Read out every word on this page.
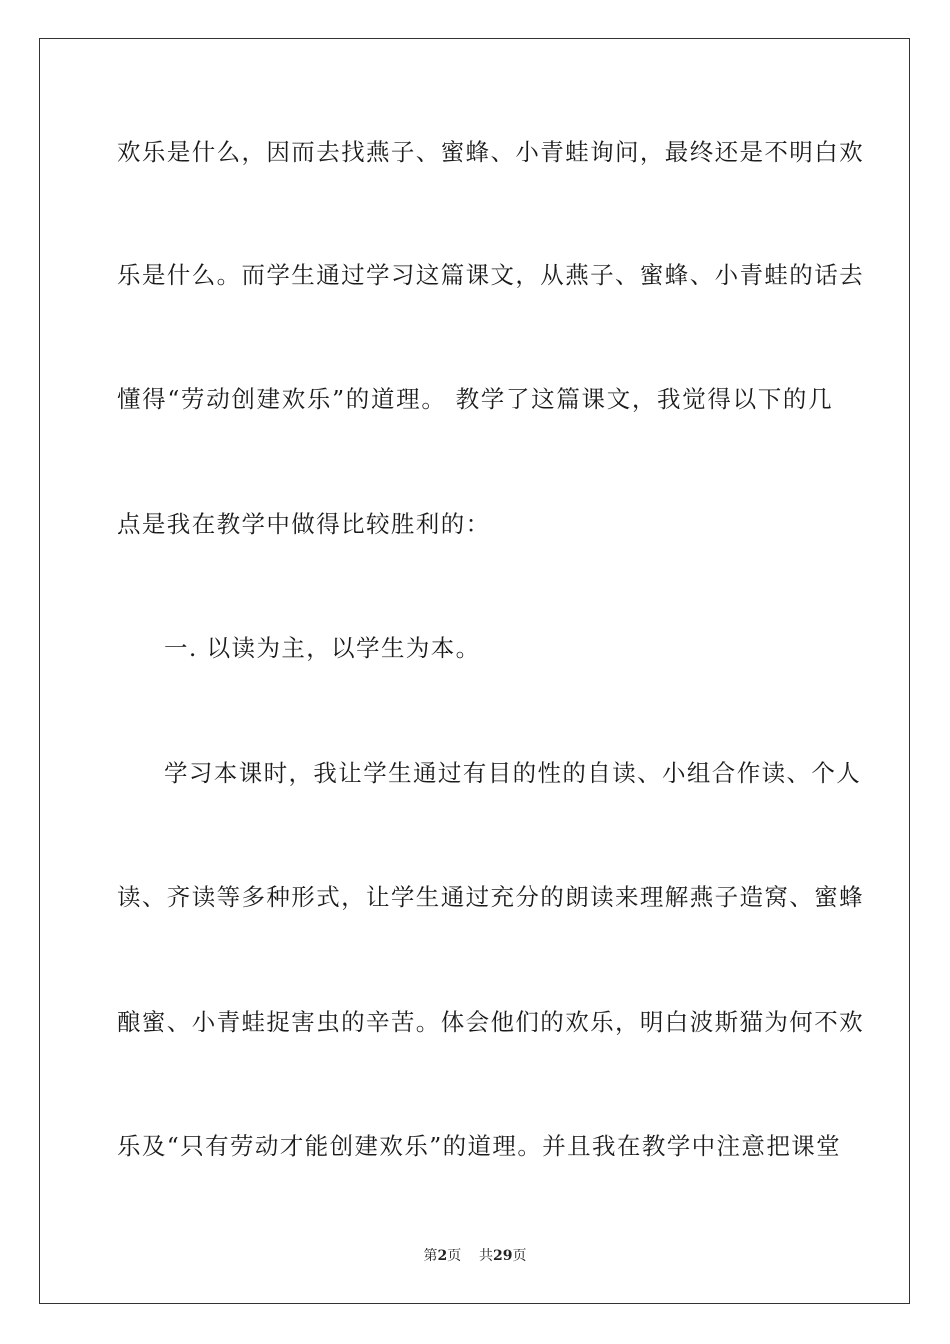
欢乐是什么，因而去找燕子、蜜蜂、小青蛙询问，最终还是不明白欢
乐是什么。而学生通过学习这篇课文，从燕子、蜜蜂、小青蛙的话去
懂得“劳动创建欢乐”的道理。 教学了这篇课文，我觉得以下的几
点是我在教学中做得比较胜利的：
一. 以读为主，以学生为本。
学习本课时，我让学生通过有目的性的自读、小组合作读、个人
读、齐读等多种形式，让学生通过充分的朗读来理解燕子造窝、蜜蜂
酿蜜、小青蛙捉害虫的辛苦。体会他们的欢乐，明白波斯猫为何不欢
乐及“只有劳动才能创建欢乐”的道理。并且我在教学中注意把课堂
第2页 共29页
